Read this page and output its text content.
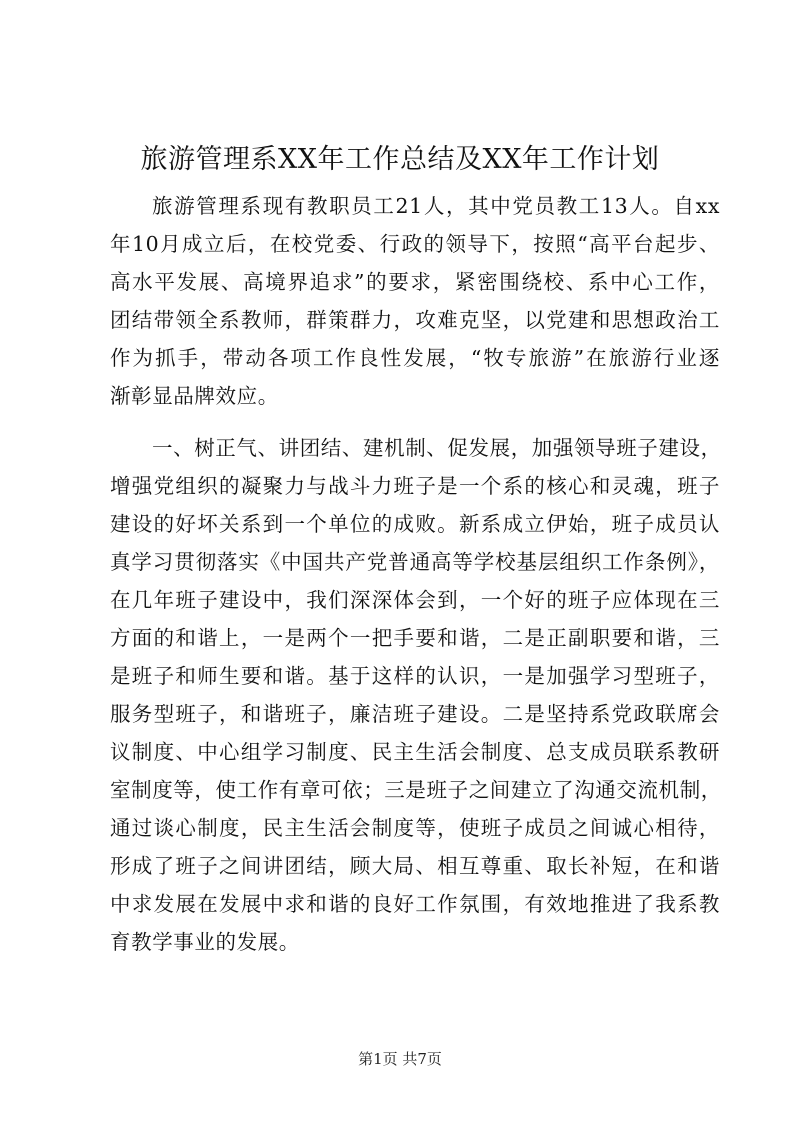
旅游管理系XX年工作总结及XX年工作计划
旅游管理系现有教职员工21人，其中党员教工13人。自xx
年10月成立后，在校党委、行政的领导下，按照“高平台起步、
高水平发展、高境界追求”的要求，紧密围绕校、系中心工作，
团结带领全系教师，群策群力，攻难克坚，以党建和思想政治工
作为抓手，带动各项工作良性发展，“牧专旅游”在旅游行业逐
渐彰显品牌效应。
一、树正气、讲团结、建机制、促发展，加强领导班子建设，
增强党组织的凝聚力与战斗力班子是一个系的核心和灵魂，班子
建设的好坏关系到一个单位的成败。新系成立伊始，班子成员认
真学习贯彻落实《中国共产党普通高等学校基层组织工作条例》，
在几年班子建设中，我们深深体会到，一个好的班子应体现在三
方面的和谐上，一是两个一把手要和谐，二是正副职要和谐，三
是班子和师生要和谐。基于这样的认识，一是加强学习型班子，
服务型班子，和谐班子，廉洁班子建设。二是坚持系党政联席会
议制度、中心组学习制度、民主生活会制度、总支成员联系教研
室制度等，使工作有章可依；三是班子之间建立了沟通交流机制，
通过谈心制度，民主生活会制度等，使班子成员之间诚心相待，
形成了班子之间讲团结，顾大局、相互尊重、取长补短，在和谐
中求发展在发展中求和谐的良好工作氛围，有效地推进了我系教
育教学事业的发展。
第1页 共7页
